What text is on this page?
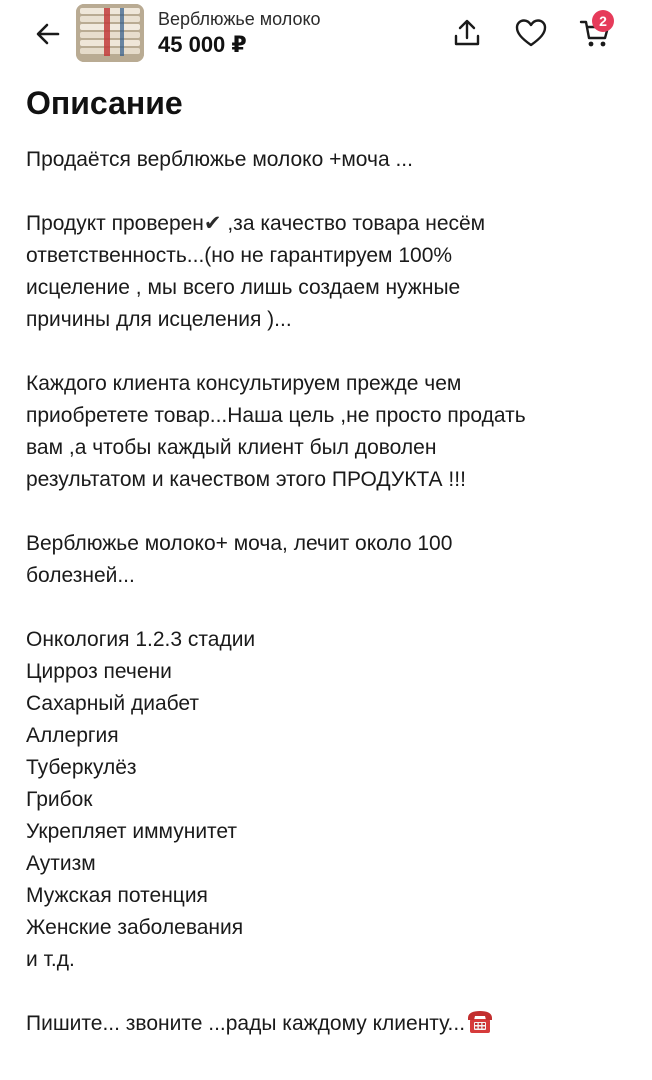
Верблюжье молоко
45 000 ₽
2
Описание
Продаётся верблюжье молоко +моча ...
Продукт проверен✔ ,за качество товара несём
ответственность...(но не гарантируем 100%
исцеление , мы всего лишь создаем нужные
причины для исцеления )...
Каждого клиента консультируем прежде чем
приобретете товар...Наша цель ,не просто продать
вам ,а чтобы каждый клиент был доволен
результатом и качеством этого ПРОДУКТА !!!
Верблюжье молоко+ моча, лечит около 100
болезней...
Онкология 1.2.3 стадии
Цирроз печени
Сахарный диабет
Аллергия
Туберкулёз
Грибок
Укрепляет иммунитет
Аутизм
Мужская потенция
Женские заболевания
и т.д.
Пишите... звоните ...рады каждому клиенту...
